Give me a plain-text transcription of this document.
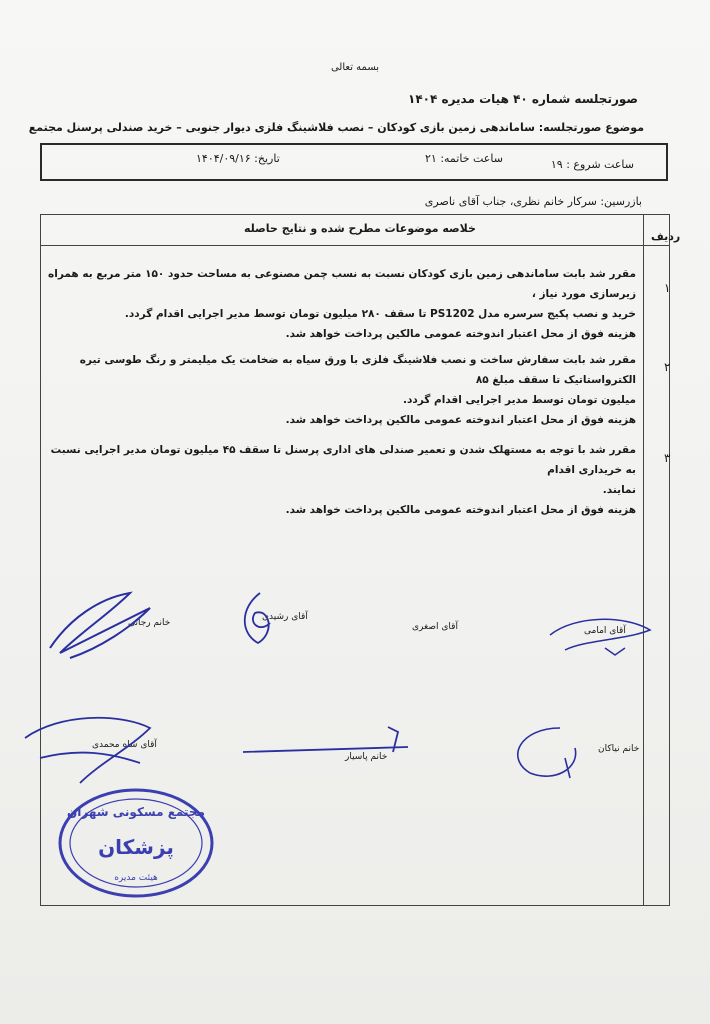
بسمه تعالی
صورتجلسه شماره ۴۰ هیات مدیره ۱۴۰۴
موضوع صورتجلسه: ساماندهی زمین بازی کودکان – نصب فلاشینگ فلزی دیوار جنوبی – خرید صندلی پرسنل مجتمع
ساعت شروع : ۱۹
ساعت خاتمه: ۲۱
تاریخ: ۱۴۰۴/۰۹/۱۶
بازرسین: سرکار خانم نظری، جناب آقای ناصری
ردیف
خلاصه موضوعات مطرح شده و نتایج حاصله
۱

مقرر شد بابت ساماندهی زمین بازی کودکان نسبت به نسب چمن مصنوعی به مساحت حدود ۱۵۰ متر مربع به همراه زیرسازی مورد نیاز ،

خرید و نصب پکیج سرسره مدل PS1202 تا سقف ۲۸۰ میلیون تومان توسط مدیر اجرایی اقدام گردد.

هزینه فوق از محل اعتبار اندوخته عمومی مالکین پرداخت خواهد شد.

۲

مقرر شد بابت سفارش ساخت و نصب فلاشینگ فلزی با ورق سیاه به ضخامت یک میلیمتر و رنگ طوسی تیره الکترواستاتیک تا سقف مبلغ ۸۵

میلیون تومان توسط مدیر اجرایی اقدام گردد.

هزینه فوق از محل اعتبار اندوخته عمومی مالکین پرداخت خواهد شد.

۳

مقرر شد با توجه به مستهلک شدن و تعمیر صندلی های اداری پرسنل تا سقف ۴۵ میلیون تومان مدیر اجرایی نسبت به خریداری اقدام

نمایند.

هزینه فوق از محل اعتبار اندوخته عمومی مالکین پرداخت خواهد شد.

خانم رجائی
آقای رشیدی
آقای اصغری	آقای امامی
آقای شاه محمدی
خانم پاسیار
خانم نیاکان
مجتمع مسکونی شهران
پزشکان
هیئت مدیره
